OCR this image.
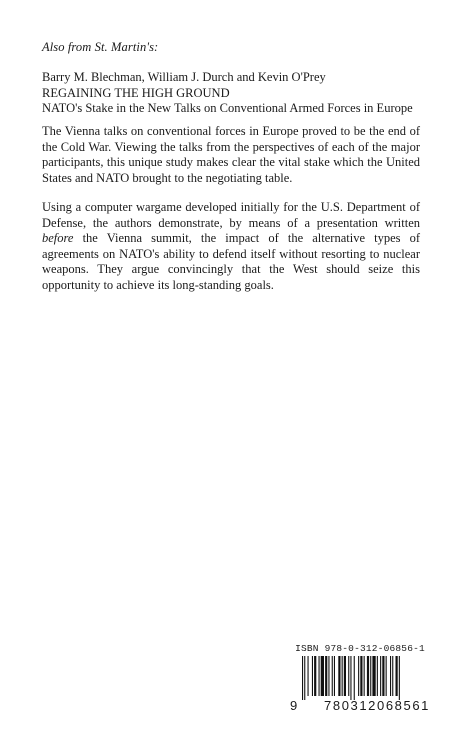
Also from St. Martin's:
Barry M. Blechman, William J. Durch and Kevin O'Prey
REGAINING THE HIGH GROUND
NATO's Stake in the New Talks on Conventional Armed Forces in Europe
The Vienna talks on conventional forces in Europe proved to be the end of the Cold War. Viewing the talks from the perspectives of each of the major participants, this unique study makes clear the vital stake which the United States and NATO brought to the negotiating table.
Using a computer wargame developed initially for the U.S. Department of Defense, the authors demonstrate, by means of a presentation written before the Vienna summit, the impact of the alternative types of agreements on NATO's ability to defend itself without resorting to nuclear weapons. They argue convincingly that the West should seize this opportunity to achieve its long-standing goals.
ISBN 978-0-312-06856-1
9	780312068561
